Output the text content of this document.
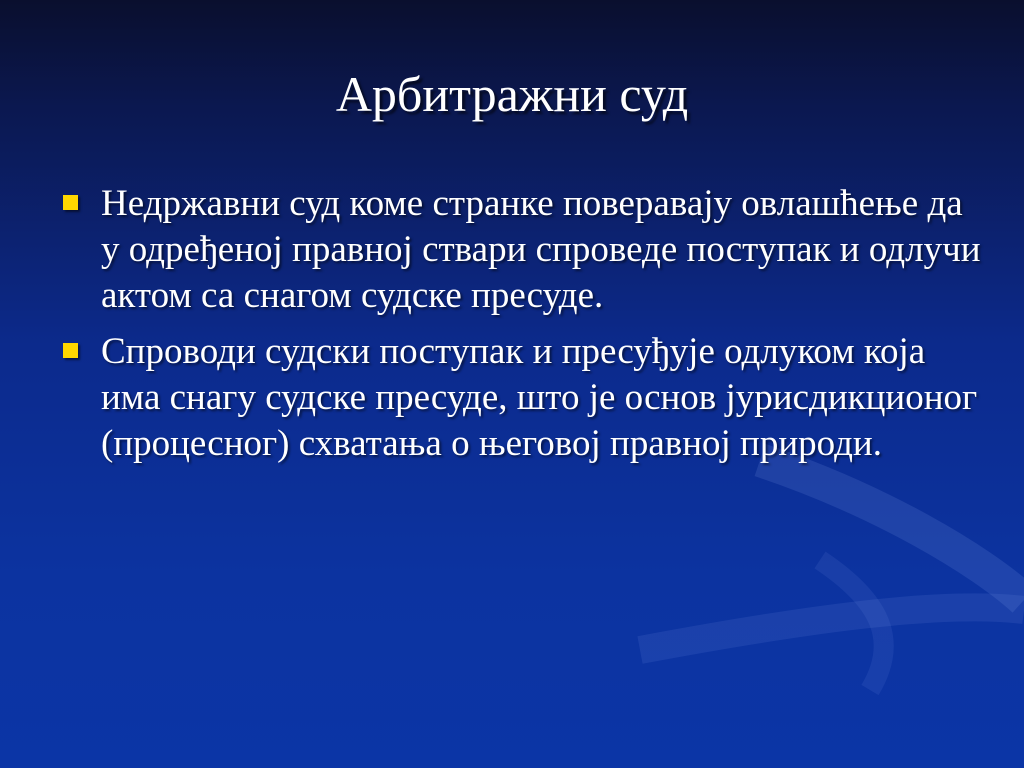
Арбитражни суд
Недржавни суд коме странке поверавају овлашћење да у одређеној правној ствари спроведе поступак и одлучи актом са снагом судске пресуде.
Спроводи судски поступак и пресуђује одлуком која има снагу судске пресуде, што је основ јурисдикционог (процесног) схватања о његовој правној природи.
